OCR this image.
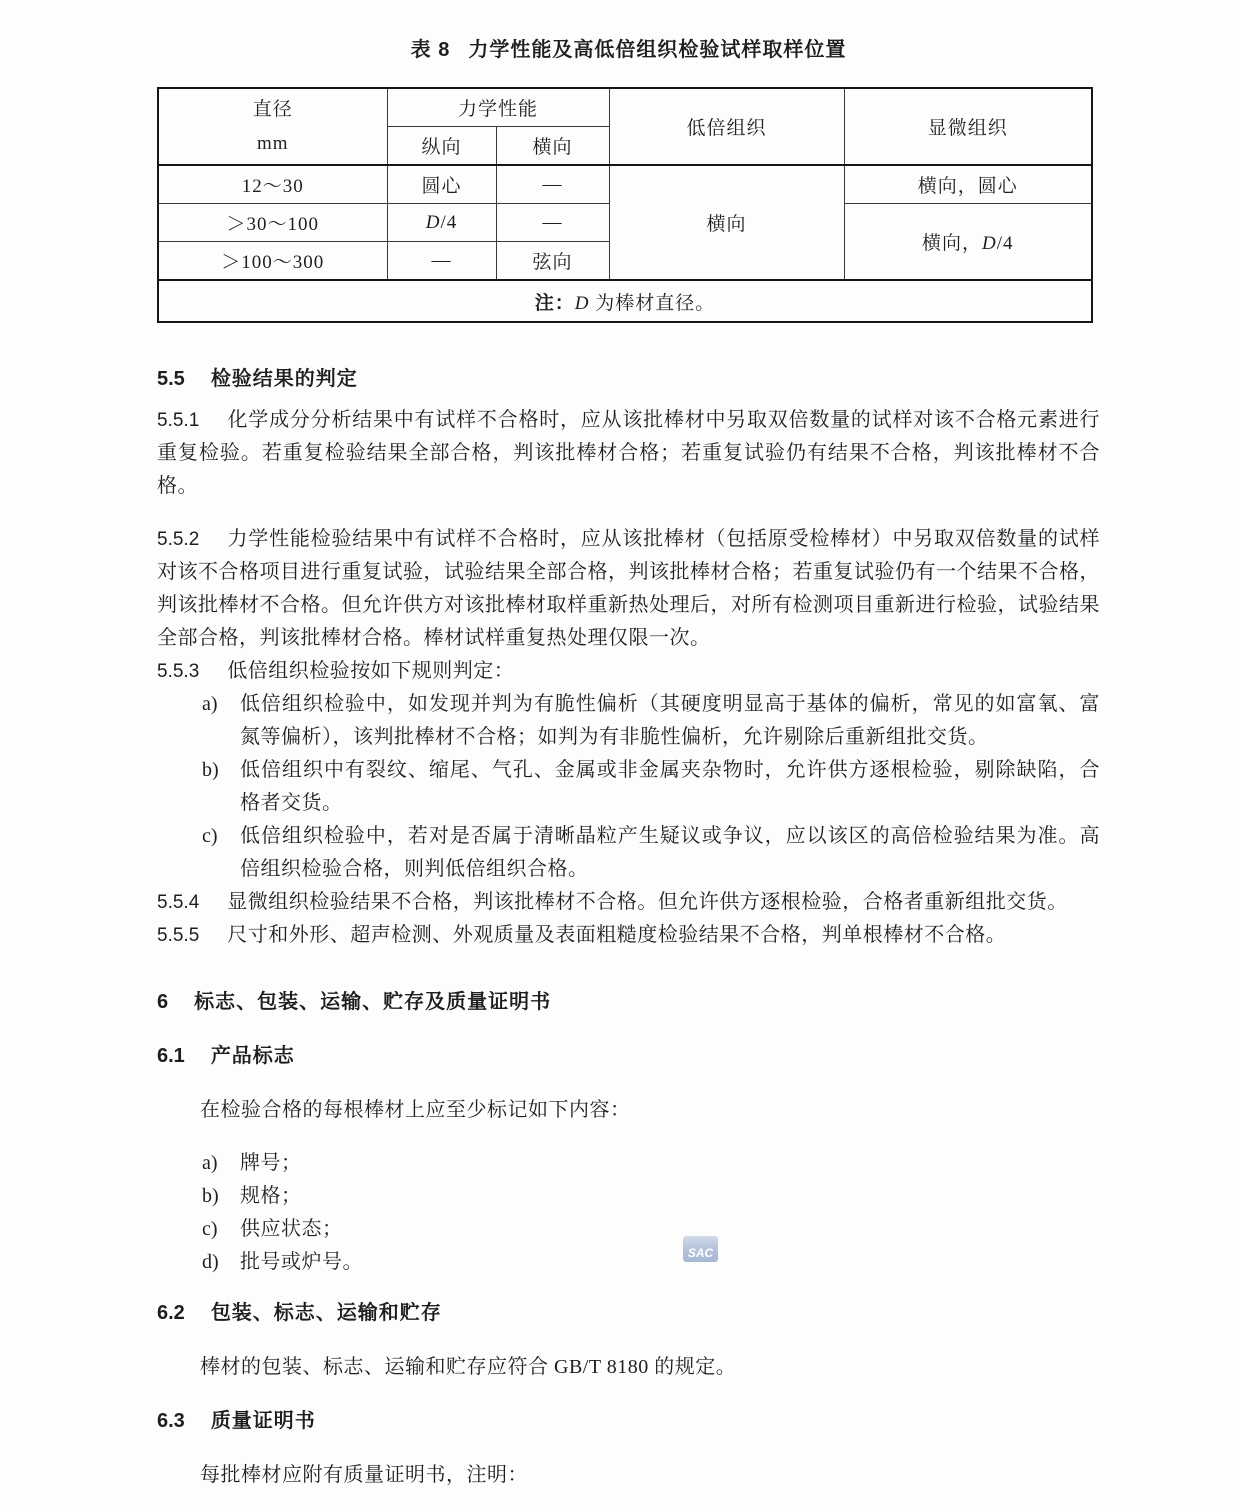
表 8 力学性能及高低倍组织检验试样取样位置
直径
mm	力学性能		低倍组织	显微组织
	纵向	横向		
12～30	圆心	—	横向	横向，圆心
＞30～100	D/4	—		横向，D/4
＞100～300	—	弦向		
注：D 为棒材直径。				
5.5 检验结果的判定

5.5.1 化学成分分析结果中有试样不合格时，应从该批棒材中另取双倍数量的试样对该不合格元素进行重复检验。若重复检验结果全部合格，判该批棒材合格；若重复试验仍有结果不合格，判该批棒材不合格。

5.5.2 力学性能检验结果中有试样不合格时，应从该批棒材（包括原受检棒材）中另取双倍数量的试样对该不合格项目进行重复试验，试验结果全部合格，判该批棒材合格；若重复试验仍有一个结果不合格，判该批棒材不合格。但允许供方对该批棒材取样重新热处理后，对所有检测项目重新进行检验，试验结果全部合格，判该批棒材合格。棒材试样重复热处理仅限一次。

5.5.3 低倍组织检验按如下规则判定：

a)	低倍组织检验中，如发现并判为有脆性偏析（其硬度明显高于基体的偏析，常见的如富氧、富氮等偏析），该判批棒材不合格；如判为有非脆性偏析，允许剔除后重新组批交货。
b)	低倍组织中有裂纹、缩尾、气孔、金属或非金属夹杂物时，允许供方逐根检验，剔除缺陷，合格者交货。
c)	低倍组织检验中，若对是否属于清晰晶粒产生疑议或争议，应以该区的高倍检验结果为准。高倍组织检验合格，则判低倍组织合格。

5.5.4 显微组织检验结果不合格，判该批棒材不合格。但允许供方逐根检验，合格者重新组批交货。

5.5.5 尺寸和外形、超声检测、外观质量及表面粗糙度检验结果不合格，判单根棒材不合格。

6 标志、包装、运输、贮存及质量证明书
6.1 产品标志

在检验合格的每根棒材上应至少标记如下内容：

a)	牌号；
b)	规格；
c)	供应状态；
d)	批号或炉号。
6.2 包装、标志、运输和贮存

棒材的包装、标志、运输和贮存应符合 GB/T 8180 的规定。

6.3 质量证明书

每批棒材应附有质量证明书，注明：

SAC
